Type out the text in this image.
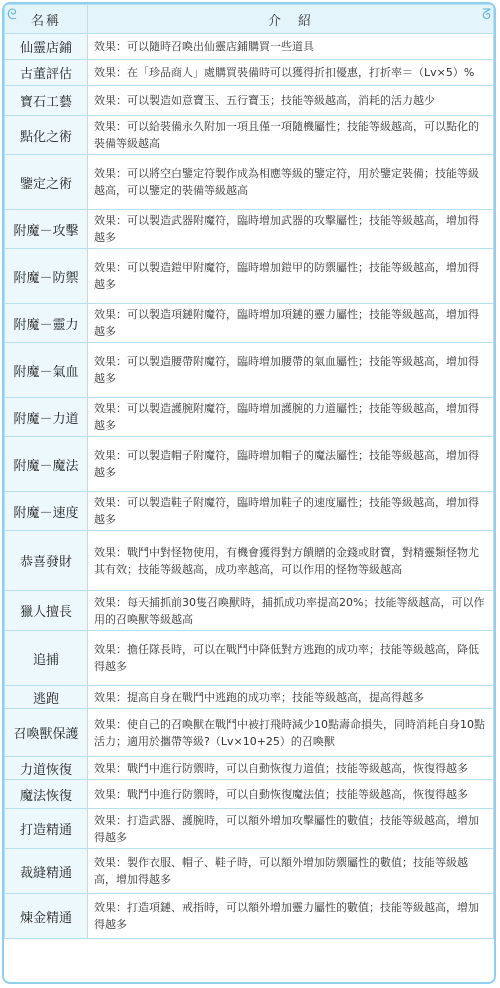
ᘓ	ᘔ
名稱	介　紹
仙靈店鋪	效果：可以隨時召喚出仙靈店鋪購買一些道具
古董評估	效果：在「珍品商人」處購買裝備時可以獲得折扣優惠，打折率＝（Lv×5）%
寶石工藝	效果：可以製造如意寶玉、五行寶玉；技能等級越高，消耗的活力越少
點化之術	效果：可以給裝備永久附加一項且僅一項隨機屬性；技能等級越高，可以點化的裝備等級越高
鑒定之術	效果：可以將空白鑒定符製作成為相應等級的鑒定符，用於鑒定裝備；技能等級越高，可以鑒定的裝備等級越高
附魔－攻擊	效果：可以製造武器附魔符，臨時增加武器的攻擊屬性；技能等級越高，增加得越多
附魔－防禦	效果：可以製造鎧甲附魔符，臨時增加鎧甲的防禦屬性；技能等級越高，增加得越多
附魔－靈力	效果：可以製造項鏈附魔符，臨時增加項鏈的靈力屬性；技能等級越高，增加得越多
附魔－氣血	效果：可以製造腰帶附魔符，臨時增加腰帶的氣血屬性；技能等級越高，增加得越多
附魔－力道	效果：可以製造護腕附魔符，臨時增加護腕的力道屬性；技能等級越高，增加得越多
附魔－魔法	效果：可以製造帽子附魔符，臨時增加帽子的魔法屬性；技能等級越高，增加得越多
附魔－速度	效果：可以製造鞋子附魔符，臨時增加鞋子的速度屬性；技能等級越高，增加得越多
恭喜發財	效果：戰鬥中對怪物使用，有機會獲得對方饋贈的金錢或財寶，對精靈類怪物尤其有效；技能等級越高，成功率越高，可以作用的怪物等級越高
獵人擅長	效果：每天捕抓前30隻召喚獸時，捕抓成功率提高20%；技能等級越高，可以作用的召喚獸等級越高
追捕	效果：擔任隊長時，可以在戰鬥中降低對方逃跑的成功率；技能等級越高，降低得越多
逃跑	效果：提高自身在戰鬥中逃跑的成功率；技能等級越高，提高得越多
召喚獸保護	效果：使自己的召喚獸在戰鬥中被打飛時減少10點壽命損失，同時消耗自身10點活力；適用於攜帶等級?（Lv×10+25）的召喚獸
力道恢復	效果：戰鬥中進行防禦時，可以自動恢復力道值；技能等級越高，恢復得越多
魔法恢復	效果：戰鬥中進行防禦時，可以自動恢復魔法值；技能等級越高，恢復得越多
打造精通	效果：打造武器、護腕時，可以額外增加攻擊屬性的數值；技能等級越高，增加得越多
裁縫精通	效果：製作衣服、帽子、鞋子時，可以額外增加防禦屬性的數值；技能等級越高，增加得越多
煉金精通	效果：打造項鏈、戒指時，可以額外增加靈力屬性的數值；技能等級越高，增加得越多
